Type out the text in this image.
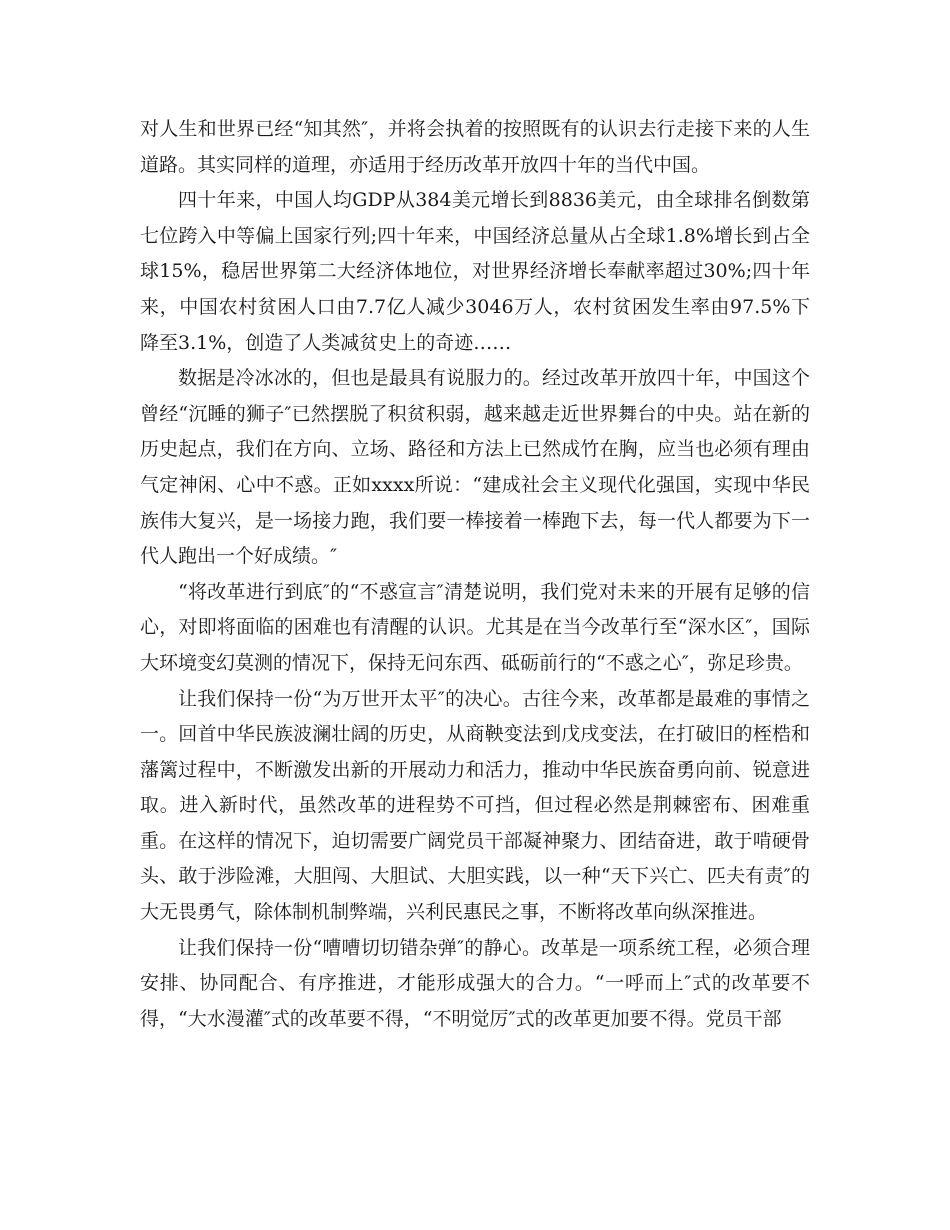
对人生和世界已经“知其然″，并将会执着的按照既有的认识去行走接下来的人生道路。其实同样的道理，亦适用于经历改革开放四十年的当代中国。

四十年来，中国人均GDP从384美元增长到8836美元，由全球排名倒数第七位跨入中等偏上国家行列;四十年来，中国经济总量从占全球1.8%增长到占全球15%，稳居世界第二大经济体地位，对世界经济增长奉献率超过30%;四十年来，中国农村贫困人口由7.7亿人减少3046万人，农村贫困发生率由97.5%下降至3.1%，创造了人类减贫史上的奇迹……

数据是冷冰冰的，但也是最具有说服力的。经过改革开放四十年，中国这个曾经“沉睡的狮子″已然摆脱了积贫积弱，越来越走近世界舞台的中央。站在新的历史起点，我们在方向、立场、路径和方法上已然成竹在胸，应当也必须有理由气定神闲、心中不惑。正如xxxx所说：“建成社会主义现代化强国，实现中华民族伟大复兴，是一场接力跑，我们要一棒接着一棒跑下去，每一代人都要为下一代人跑出一个好成绩。″

“将改革进行到底″的“不惑宣言″清楚说明，我们党对未来的开展有足够的信心，对即将面临的困难也有清醒的认识。尤其是在当今改革行至“深水区″，国际大环境变幻莫测的情况下，保持无问东西、砥砺前行的“不惑之心″，弥足珍贵。

让我们保持一份“为万世开太平″的决心。古往今来，改革都是最难的事情之一。回首中华民族波澜壮阔的历史，从商鞅变法到戊戌变法，在打破旧的桎梏和藩篱过程中，不断激发出新的开展动力和活力，推动中华民族奋勇向前、锐意进取。进入新时代，虽然改革的进程势不可挡，但过程必然是荆棘密布、困难重重。在这样的情况下，迫切需要广阔党员干部凝神聚力、团结奋进，敢于啃硬骨头、敢于涉险滩，大胆闯、大胆试、大胆实践，以一种“天下兴亡、匹夫有责″的大无畏勇气，除体制机制弊端，兴利民惠民之事，不断将改革向纵深推进。

让我们保持一份“嘈嘈切切错杂弹″的静心。改革是一项系统工程，必须合理安排、协同配合、有序推进，才能形成强大的合力。“一呼而上″式的改革要不得，“大水漫灌″式的改革要不得，“不明觉厉″式的改革更加要不得。党员干部
